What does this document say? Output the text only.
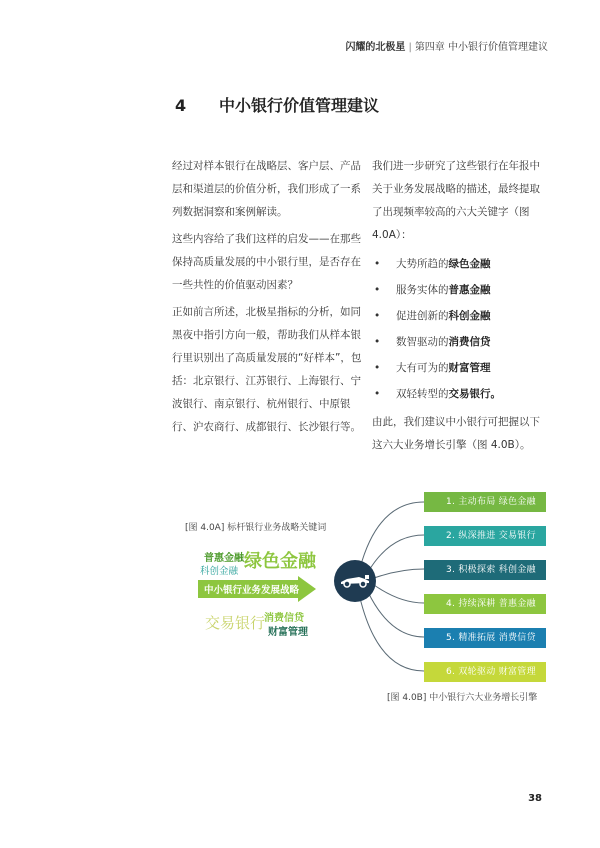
闪耀的北极星 | 第四章 中小银行价值管理建议
4 中小银行价值管理建议

经过对样本银行在战略层、客户层、产品层和渠道层的价值分析，我们形成了一系列数据洞察和案例解读。

这些内容给了我们这样的启发——在那些保持高质量发展的中小银行里，是否存在一些共性的价值驱动因素？

正如前言所述，北极星指标的分析，如同黑夜中指引方向一般，帮助我们从样本银行里识别出了高质量发展的“好样本”，包括：北京银行、江苏银行、上海银行、宁波银行、南京银行、杭州银行、中原银行、沪农商行、成都银行、长沙银行等。

我们进一步研究了这些银行在年报中关于业务发展战略的描述，最终提取了出现频率较高的六大关键字（图4.0A）：

• 大势所趋的绿色金融
• 服务实体的普惠金融
• 促进创新的科创金融
• 数智驱动的消费信贷
• 大有可为的财富管理
• 双轻转型的交易银行。

由此，我们建议中小银行可把握以下这六大业务增长引擎（图 4.0B）。

[图 4.0A] 标杆银行业务战略关键词
普惠金融
科创金融 绿色金融
中小银行业务发展战略
交易银行
消费信贷
财富管理
1. 主动布局 绿色金融
2. 纵深推进 交易银行
3. 积极探索 科创金融
4. 持续深耕 普惠金融
5. 精准拓展 消费信贷
6. 双轮驱动 财富管理
[图 4.0B] 中小银行六大业务增长引擎
38
